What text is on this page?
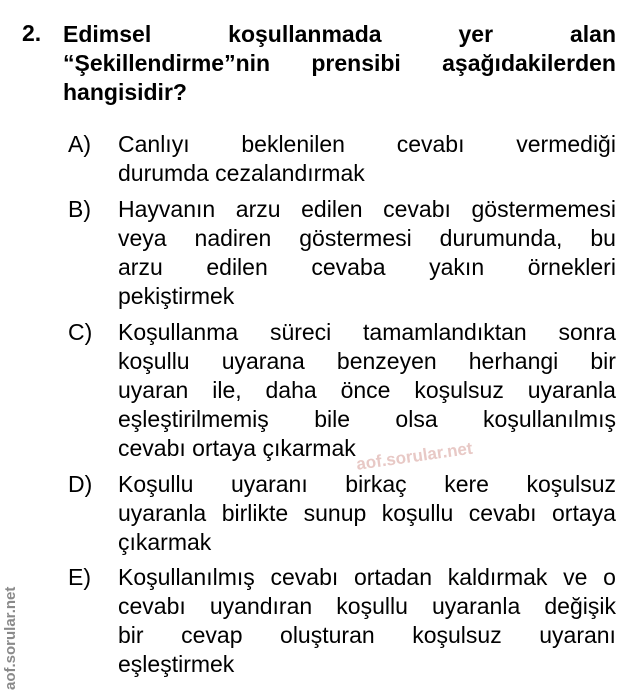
2. Edimsel	koşullanmada	yer	alan
“Şekillendirme”nin prensibi aşağıdakilerden
hangisidir?
A) Canlıyı beklenilen cevabı vermediği
durumda cezalandırmak
B) Hayvanın arzu edilen cevabı göstermemesi
veya nadiren göstermesi durumunda, bu
arzu edilen cevaba yakın örnekleri
pekiştirmek
C) Koşullanma süreci tamamlandıktan sonra
koşullu uyarana benzeyen herhangi bir
uyaran ile, daha önce koşulsuz uyaranla
eşleştirilmemiş bile olsa koşullanılmış
cevabı ortaya çıkarmak
D) Koşullu uyaranı birkaç kere koşulsuz
uyaranla birlikte sunup koşullu cevabı ortaya
çıkarmak
E) Koşullanılmış cevabı ortadan kaldırmak ve o
cevabı uyandıran koşullu uyaranla değişik
bir cevap oluşturan koşulsuz uyaranı
eşleştirmek
aof.sorular.net
aof.sorular.net
